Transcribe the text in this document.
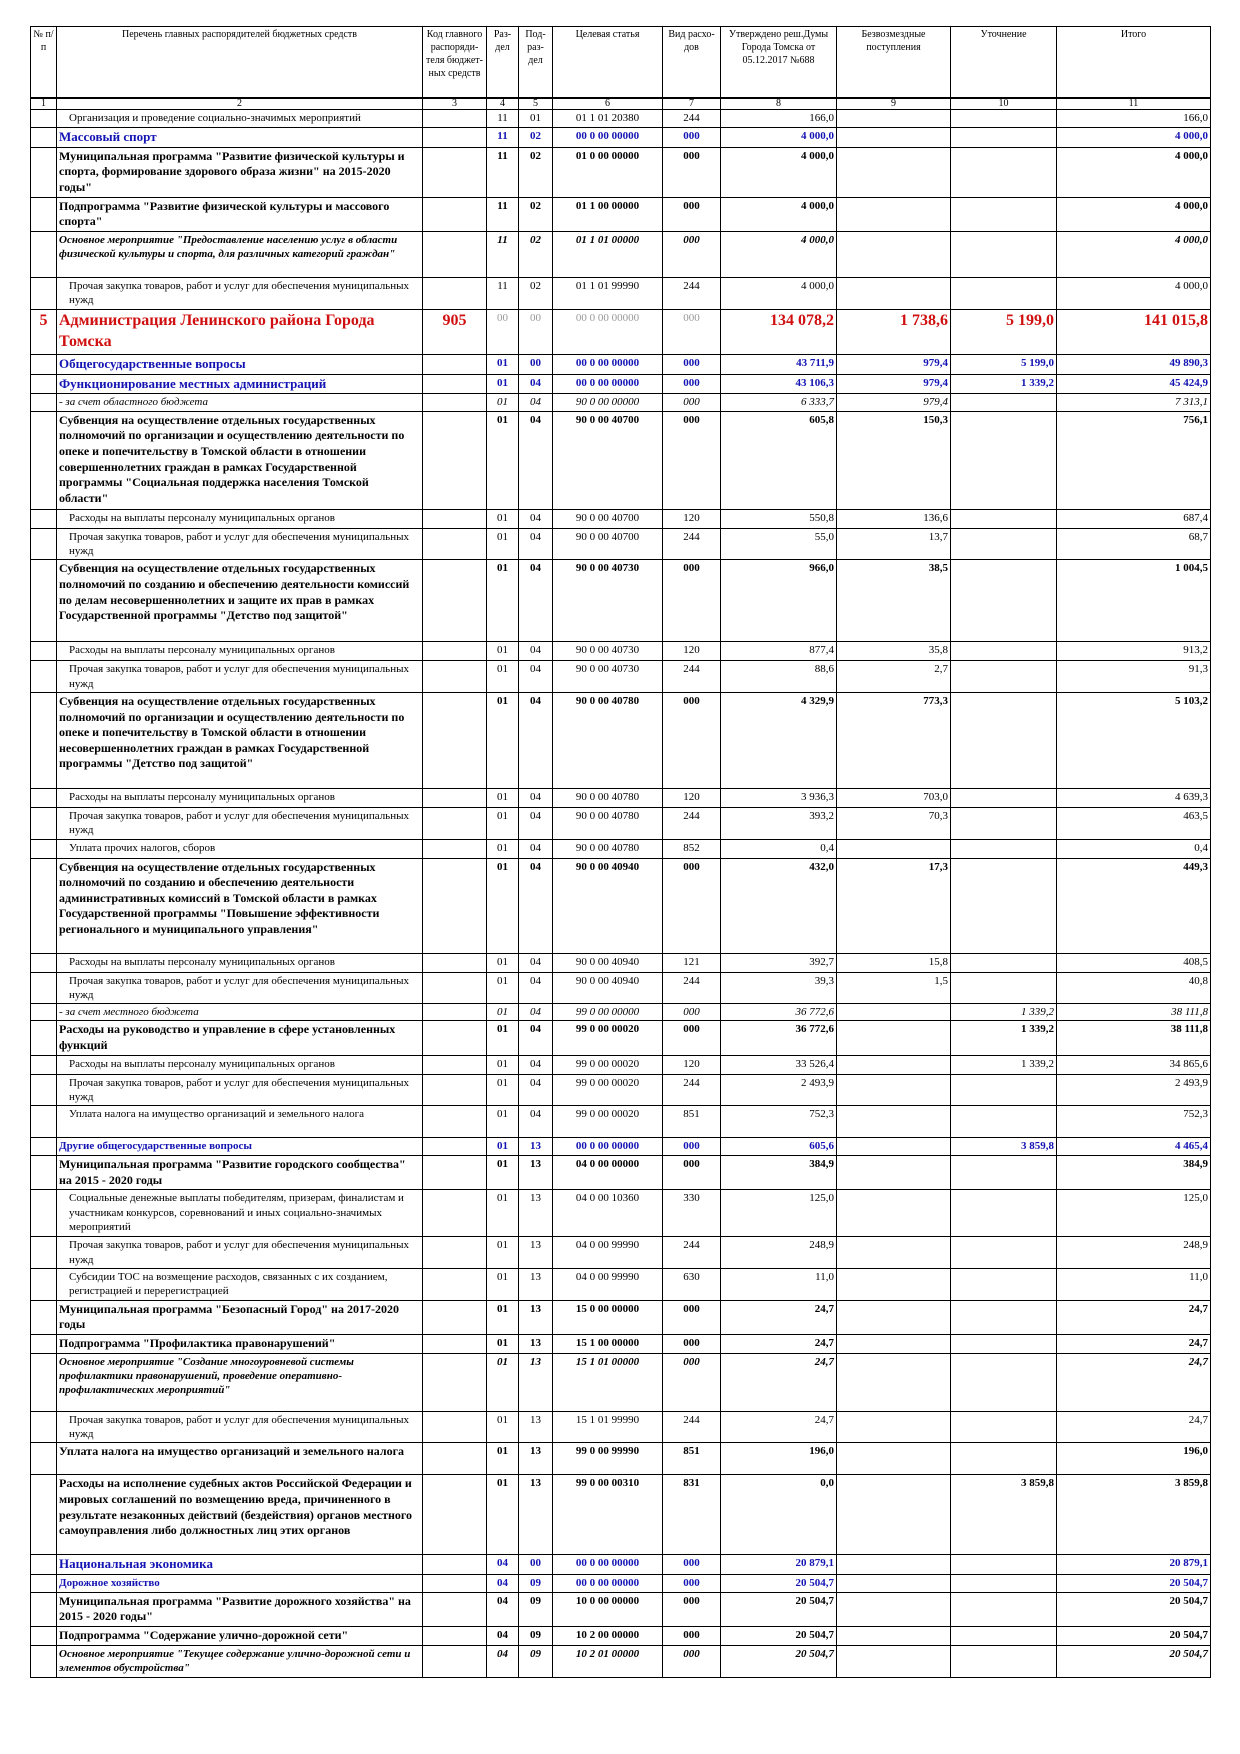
№ п/п	Перечень главных распорядителей бюджетных средств	Код главного распоряди-теля бюджет-ных средств	Раз-дел	Под-раз-дел	Целевая статья	Вид расхо-дов	Утверждено реш.Думы Города Томска от 05.12.2017 №688	Безвозмездные поступления	Уточнение	Итого
1	2	3	4	5	6	7	8	9	10	11
	Организация и проведение социально-значимых мероприятий		11	01	01 1 01 20380	244	166,0			166,0
	Массовый спорт		11	02	00 0 00 00000	000	4 000,0			4 000,0
	Муниципальная программа "Развитие физической культуры и спорта, формирование здорового образа жизни" на 2015-2020 годы"		11	02	01 0 00 00000	000	4 000,0			4 000,0
	Подпрограмма "Развитие физической культуры и массового спорта"		11	02	01 1 00 00000	000	4 000,0			4 000,0
	Основное мероприятие "Предоставление населению услуг в области физической культуры и спорта, для различных категорий граждан"		11	02	01 1 01 00000	000	4 000,0			4 000,0
	Прочая закупка товаров, работ и услуг для обеспечения муниципальных нужд		11	02	01 1 01 99990	244	4 000,0			4 000,0
5	Администрация Ленинского района Города Томска	905	00	00	00 0 00 00000	000	134 078,2	1 738,6	5 199,0	141 015,8
	Общегосударственные вопросы		01	00	00 0 00 00000	000	43 711,9	979,4	5 199,0	49 890,3
	Функционирование местных администраций		01	04	00 0 00 00000	000	43 106,3	979,4	1 339,2	45 424,9
	- за счет областного бюджета		01	04	90 0 00 00000	000	6 333,7	979,4		7 313,1
	Субвенция на осуществление отдельных государственных полномочий по организации и осуществлению деятельности по опеке и попечительству в Томской области в отношении совершеннолетних граждан в рамках Государственной программы "Социальная поддержка населения Томской области"		01	04	90 0 00 40700	000	605,8	150,3		756,1
	Расходы на выплаты персоналу муниципальных органов		01	04	90 0 00 40700	120	550,8	136,6		687,4
	Прочая закупка товаров, работ и услуг для обеспечения муниципальных нужд		01	04	90 0 00 40700	244	55,0	13,7		68,7
	Субвенция на осуществление отдельных государственных полномочий по созданию и обеспечению деятельности комиссий по делам несовершеннолетних и защите их прав в рамках Государственной программы "Детство под защитой"		01	04	90 0 00 40730	000	966,0	38,5		1 004,5
	Расходы на выплаты персоналу муниципальных органов		01	04	90 0 00 40730	120	877,4	35,8		913,2
	Прочая закупка товаров, работ и услуг для обеспечения муниципальных нужд		01	04	90 0 00 40730	244	88,6	2,7		91,3
	Субвенция на осуществление отдельных государственных полномочий по организации и осуществлению деятельности по опеке и попечительству в Томской области в отношении несовершеннолетних граждан в рамках Государственной программы "Детство под защитой"		01	04	90 0 00 40780	000	4 329,9	773,3		5 103,2
	Расходы на выплаты персоналу муниципальных органов		01	04	90 0 00 40780	120	3 936,3	703,0		4 639,3
	Прочая закупка товаров, работ и услуг для обеспечения муниципальных нужд		01	04	90 0 00 40780	244	393,2	70,3		463,5
	Уплата прочих налогов, сборов		01	04	90 0 00 40780	852	0,4			0,4
	Субвенция на осуществление отдельных государственных полномочий по созданию и обеспечению деятельности административных комиссий в Томской области в рамках Государственной программы "Повышение эффективности регионального и муниципального управления"		01	04	90 0 00 40940	000	432,0	17,3		449,3
	Расходы на выплаты персоналу муниципальных органов		01	04	90 0 00 40940	121	392,7	15,8		408,5
	Прочая закупка товаров, работ и услуг для обеспечения муниципальных нужд		01	04	90 0 00 40940	244	39,3	1,5		40,8
	- за счет местного бюджета		01	04	99 0 00 00000	000	36 772,6		1 339,2	38 111,8
	Расходы на руководство и управление в сфере установленных функций		01	04	99 0 00 00020	000	36 772,6		1 339,2	38 111,8
	Расходы на выплаты персоналу муниципальных органов		01	04	99 0 00 00020	120	33 526,4		1 339,2	34 865,6
	Прочая закупка товаров, работ и услуг для обеспечения муниципальных нужд		01	04	99 0 00 00020	244	2 493,9			2 493,9
	Уплата налога на имущество организаций и земельного налога		01	04	99 0 00 00020	851	752,3			752,3
	Другие общегосударственные вопросы		01	13	00 0 00 00000	000	605,6		3 859,8	4 465,4
	Муниципальная программа "Развитие городского сообщества" на 2015 - 2020 годы		01	13	04 0 00 00000	000	384,9			384,9
	Социальные денежные выплаты победителям, призерам, финалистам и участникам конкурсов, соревнований и иных социально-значимых мероприятий		01	13	04 0 00 10360	330	125,0			125,0
	Прочая закупка товаров, работ и услуг для обеспечения муниципальных нужд		01	13	04 0 00 99990	244	248,9			248,9
	Субсидии ТОС на возмещение расходов, связанных с их созданием, регистрацией и перерегистрацией		01	13	04 0 00 99990	630	11,0			11,0
	Муниципальная программа "Безопасный Город" на 2017-2020 годы		01	13	15 0 00 00000	000	24,7			24,7
	Подпрограмма "Профилактика правонарушений"		01	13	15 1 00 00000	000	24,7			24,7
	Основное мероприятие "Создание многоуровневой системы профилактики правонарушений, проведение оперативно-профилактических мероприятий"		01	13	15 1 01 00000	000	24,7			24,7
	Прочая закупка товаров, работ и услуг для обеспечения муниципальных нужд		01	13	15 1 01 99990	244	24,7			24,7
	Уплата налога на имущество организаций и земельного налога		01	13	99 0 00 99990	851	196,0			196,0
	Расходы на исполнение судебных актов Российской Федерации и мировых соглашений по возмещению вреда, причиненного в результате незаконных действий (бездействия) органов местного самоуправления либо должностных лиц этих органов		01	13	99 0 00 00310	831	0,0		3 859,8	3 859,8
	Национальная экономика		04	00	00 0 00 00000	000	20 879,1			20 879,1
	Дорожное хозяйство		04	09	00 0 00 00000	000	20 504,7			20 504,7
	Муниципальная программа "Развитие дорожного хозяйства" на 2015 - 2020 годы"		04	09	10 0 00 00000	000	20 504,7			20 504,7
	Подпрограмма "Содержание улично-дорожной сети"		04	09	10 2 00 00000	000	20 504,7			20 504,7
	Основное мероприятие "Текущее содержание улично-дорожной сети и элементов обустройства"		04	09	10 2 01 00000	000	20 504,7			20 504,7
